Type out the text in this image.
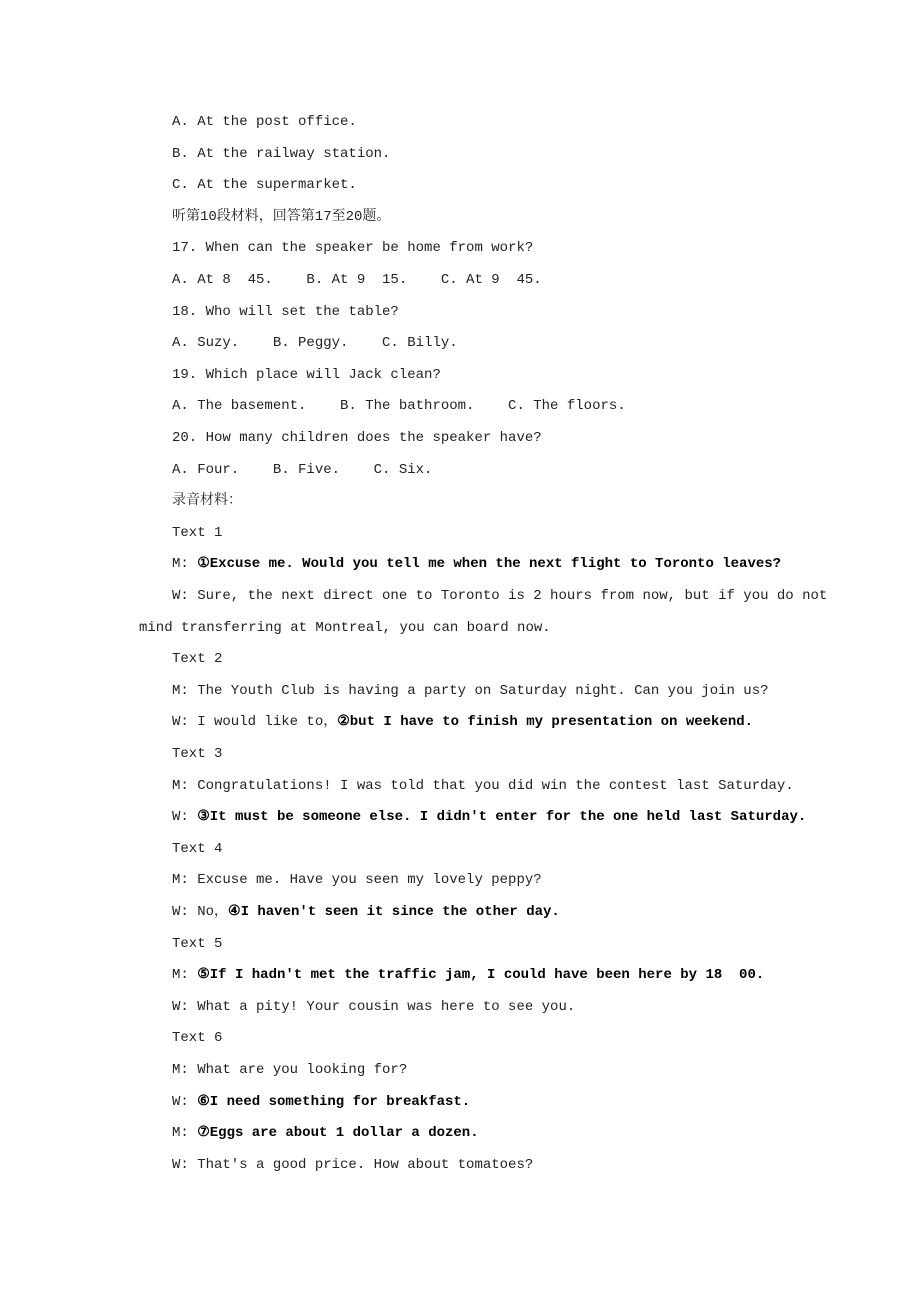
A. At the post office.
B. At the railway station.
C. At the supermarket.
听第10段材料，回答第17至20题。
17. When can the speaker be home from work?
A. At 8  45.    B. At 9  15.    C. At 9  45.
18. Who will set the table?
A. Suzy.    B. Peggy.    C. Billy.
19. Which place will Jack clean?
A. The basement.    B. The bathroom.    C. The floors.
20. How many children does the speaker have?
A. Four.    B. Five.    C. Six.
录音材料：
Text 1
M: ①Excuse me. Would you tell me when the next flight to Toronto leaves?
W: Sure, the next direct one to Toronto is 2 hours from now, but if you do not
mind transferring at Montreal, you can board now.
Text 2
M: The Youth Club is having a party on Saturday night. Can you join us?
W: I would like to，②but I have to finish my presentation on weekend.
Text 3
M: Congratulations! I was told that you did win the contest last Saturday.
W: ③It must be someone else. I didn't enter for the one held last Saturday.
Text 4
M: Excuse me. Have you seen my lovely peppy?
W: No，④I haven't seen it since the other day.
Text 5
M: ⑤If I hadn't met the traffic jam, I could have been here by 18  00.
W: What a pity! Your cousin was here to see you.
Text 6
M: What are you looking for?
W: ⑥I need something for breakfast.
M: ⑦Eggs are about 1 dollar a dozen.
W: That's a good price. How about tomatoes?
